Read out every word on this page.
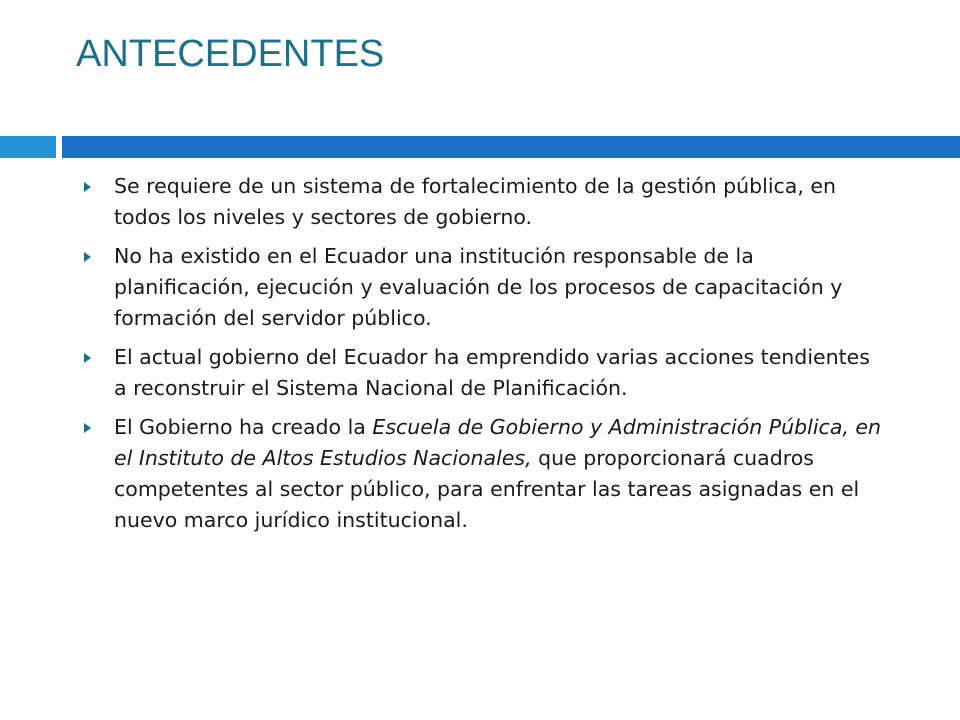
ANTECEDENTES
Se requiere de un sistema de fortalecimiento de la gestión pública, en todos los niveles y sectores de gobierno.
No ha existido en el Ecuador una institución responsable de la planificación, ejecución y evaluación de los procesos de capacitación y formación del servidor público.
El actual gobierno del Ecuador ha emprendido varias acciones tendientes a reconstruir el Sistema Nacional de Planificación.
El Gobierno ha creado la Escuela de Gobierno y Administración Pública, en el Instituto de Altos Estudios Nacionales, que proporcionará cuadros competentes al sector público, para enfrentar las tareas asignadas en el nuevo marco jurídico institucional.
